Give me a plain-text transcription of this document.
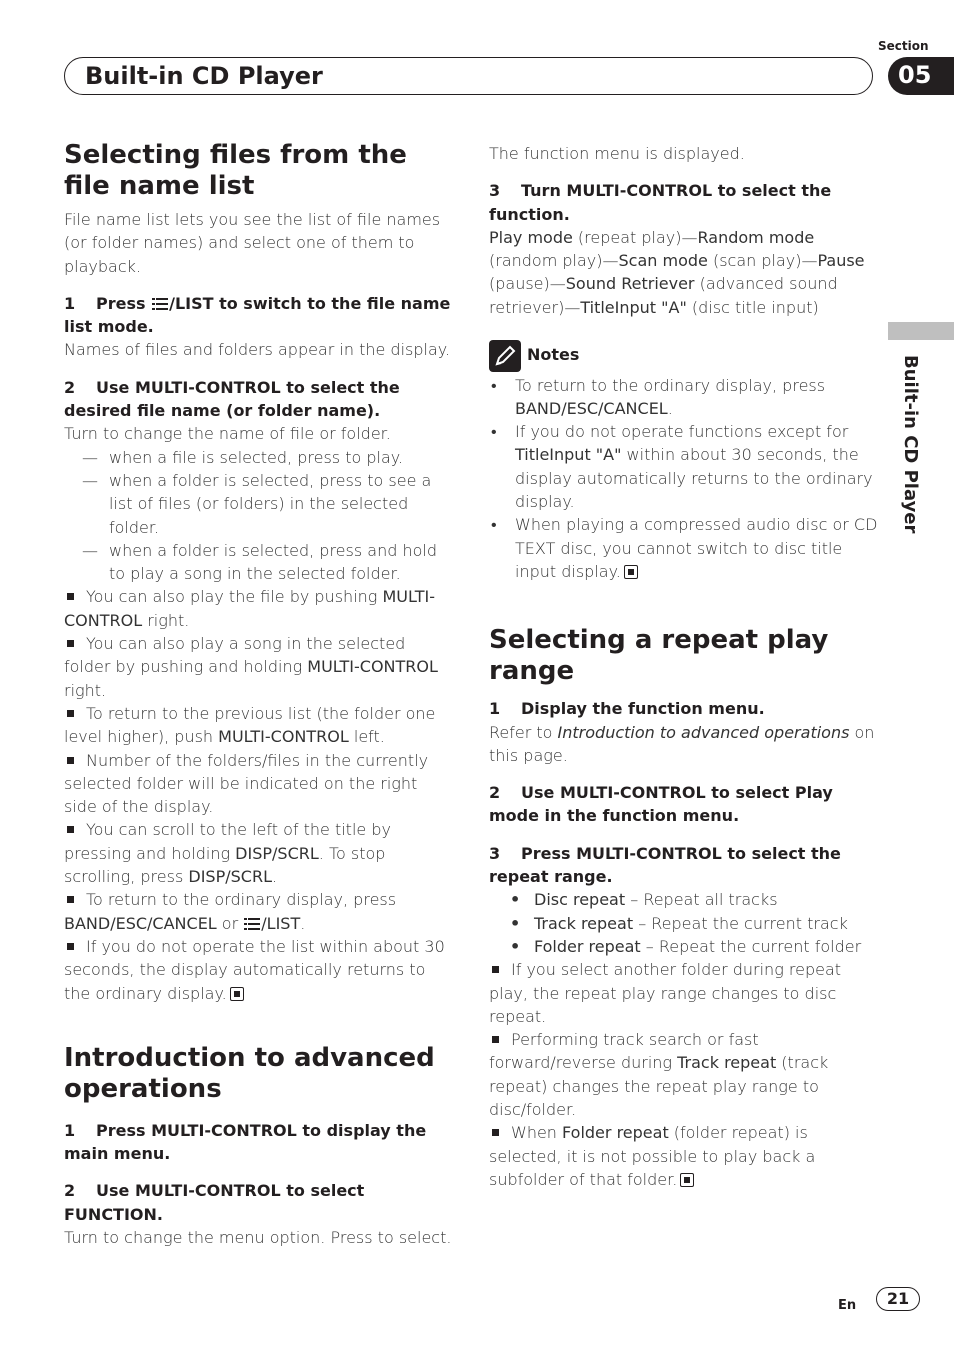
Section
Built-in CD Player	05
Built-in CD Player
Selecting files from the file name list

File name list lets you see the list of file names (or folder names) and select one of them to playback.

1 Press /LIST to switch to the file name list mode.

Names of files and folders appear in the display.

2 Use MULTI-CONTROL to select the desired file name (or folder name).

Turn to change the name of file or folder.

— when a file is selected, press to play.

— when a folder is selected, press to see a list of files (or folders) in the selected folder.

— when a folder is selected, press and hold to play a song in the selected folder.

You can also play the file by pushing MULTI-CONTROL right.

You can also play a song in the selected folder by pushing and holding MULTI-CONTROL right.

To return to the previous list (the folder one level higher), push MULTI-CONTROL left.

Number of the folders/files in the currently selected folder will be indicated on the right side of the display.

You can scroll to the left of the title by pressing and holding DISP/SCRL. To stop scrolling, press DISP/SCRL.

To return to the ordinary display, press BAND/ESC/CANCEL or /LIST.

If you do not operate the list within about 30 seconds, the display automatically returns to the ordinary display.

Introduction to advanced operations

1 Press MULTI-CONTROL to display the main menu.

2 Use MULTI-CONTROL to select FUNCTION.

Turn to change the menu option. Press to select.

The function menu is displayed.

3 Turn MULTI-CONTROL to select the function.

Play mode (repeat play)—Random mode (random play)—Scan mode (scan play)—Pause (pause)—Sound Retriever (advanced sound retriever)—TitleInput "A" (disc title input)

Notes

• To return to the ordinary display, press BAND/ESC/CANCEL.

• If you do not operate functions except for TitleInput "A" within about 30 seconds, the display automatically returns to the ordinary display.

• When playing a compressed audio disc or CD TEXT disc, you cannot switch to disc title input display.

Selecting a repeat play range

1 Display the function menu.

Refer to Introduction to advanced operations on this page.

2 Use MULTI-CONTROL to select Play mode in the function menu.

3 Press MULTI-CONTROL to select the repeat range.

• Disc repeat – Repeat all tracks

• Track repeat – Repeat the current track

• Folder repeat – Repeat the current folder

If you select another folder during repeat play, the repeat play range changes to disc repeat.

Performing track search or fast forward/reverse during Track repeat (track repeat) changes the repeat play range to disc/folder.

When Folder repeat (folder repeat) is selected, it is not possible to play back a subfolder of that folder.

En	21
